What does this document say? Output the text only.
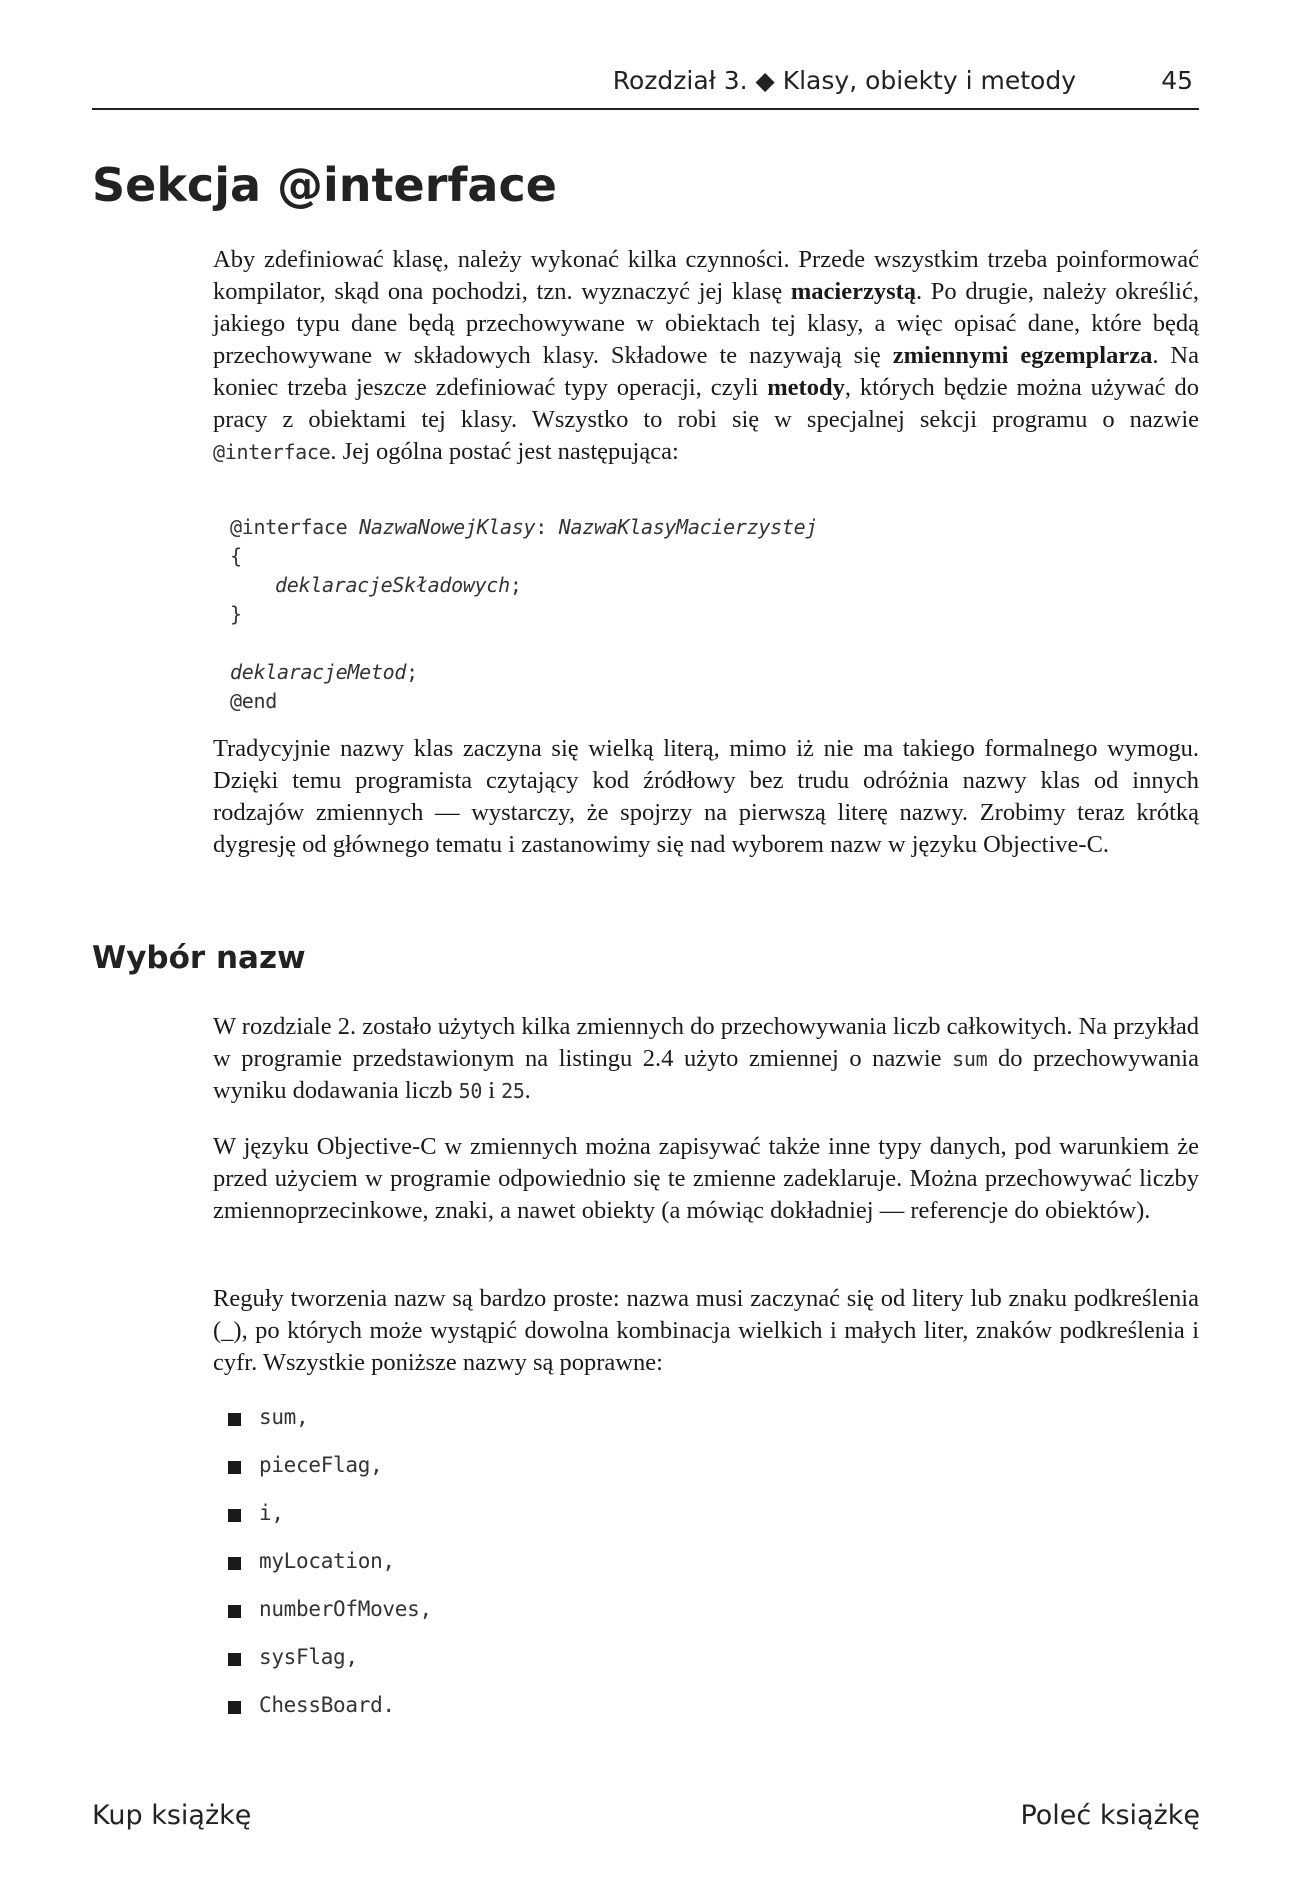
Rozdział 3. ◆ Klasy, obiekty i metody	45
Sekcja @interface

Aby zdefiniować klasę, należy wykonać kilka czynności. Przede wszystkim trzeba poinformować kompilator, skąd ona pochodzi, tzn. wyznaczyć jej klasę macierzystą. Po drugie, należy określić, jakiego typu dane będą przechowywane w obiektach tej klasy, a więc opisać dane, które będą przechowywane w składowych klasy. Składowe te nazywają się zmiennymi egzemplarza. Na koniec trzeba jeszcze zdefiniować typy operacji, czyli metody, których będzie można używać do pracy z obiektami tej klasy. Wszystko to robi się w specjalnej sekcji programu o nazwie @interface. Jej ogólna postać jest następująca:

@interface NazwaNowejKlasy: NazwaKlasyMacierzystej
{
deklaracjeSkładowych;
}
deklaracjeMetod;
@end

Tradycyjnie nazwy klas zaczyna się wielką literą, mimo iż nie ma takiego formalnego wymogu. Dzięki temu programista czytający kod źródłowy bez trudu odróżnia nazwy klas od innych rodzajów zmiennych — wystarczy, że spojrzy na pierwszą literę nazwy. Zrobimy teraz krótką dygresję od głównego tematu i zastanowimy się nad wyborem nazw w języku Objective-C.

Wybór nazw

W rozdziale 2. zostało użytych kilka zmiennych do przechowywania liczb całkowitych. Na przykład w programie przedstawionym na listingu 2.4 użyto zmiennej o nazwie sum do przechowywania wyniku dodawania liczb 50 i 25.

W języku Objective-C w zmiennych można zapisywać także inne typy danych, pod warunkiem że przed użyciem w programie odpowiednio się te zmienne zadeklaruje. Można przechowywać liczby zmiennoprzecinkowe, znaki, a nawet obiekty (a mówiąc dokładniej — referencje do obiektów).

Reguły tworzenia nazw są bardzo proste: nazwa musi zaczynać się od litery lub znaku podkreślenia (_), po których może wystąpić dowolna kombinacja wielkich i małych liter, znaków podkreślenia i cyfr. Wszystkie poniższe nazwy są poprawne:

sum,
pieceFlag,
i,
myLocation,
numberOfMoves,
sysFlag,
ChessBoard.
Kup książkę	Poleć książkę
